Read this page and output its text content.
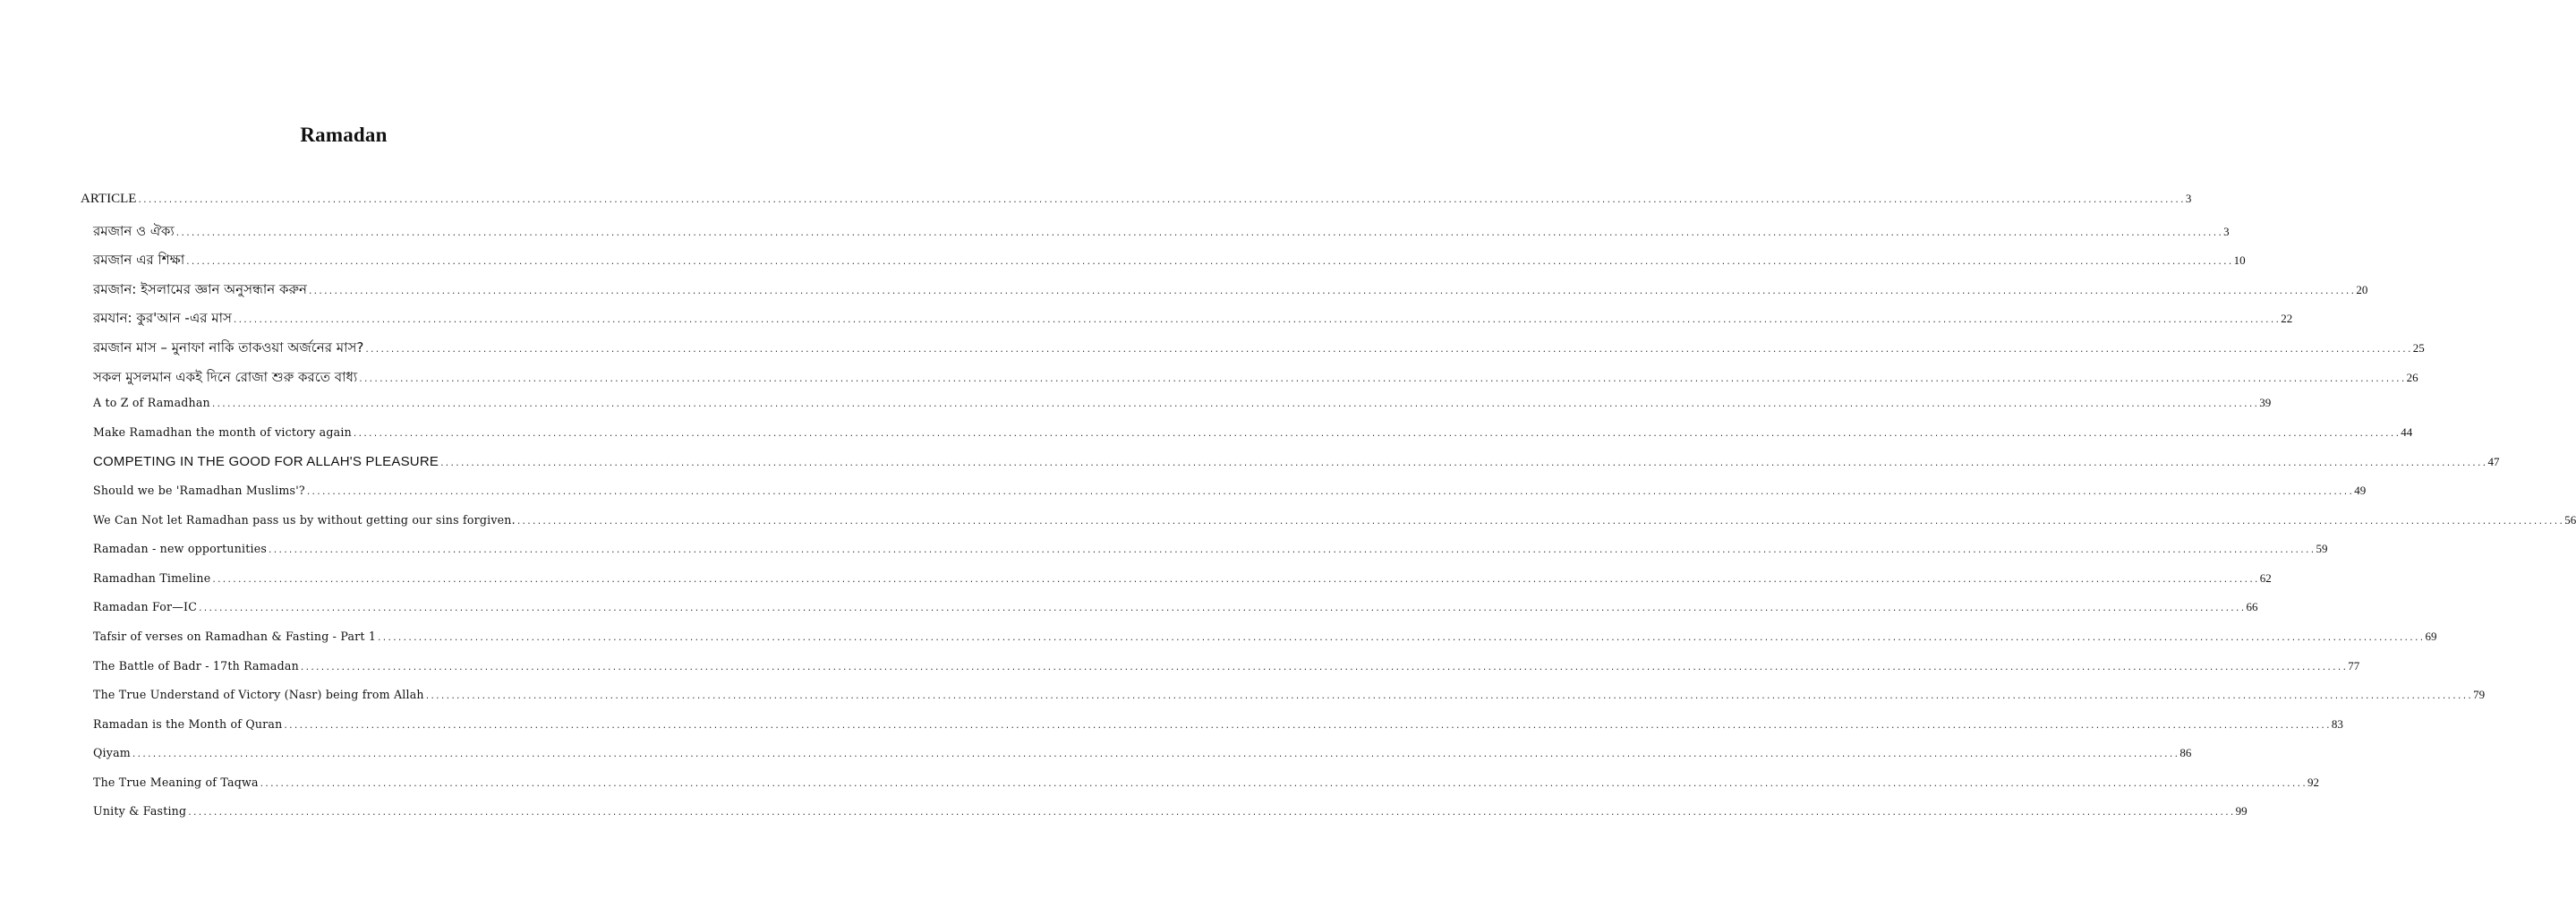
Ramadan
ARTICLE ................................................................................................................................................................................................................................................................................................................................................................................................................ 3
রমজান ও ঐক্য ................................................................................................................................................................................................................................................................................................................................................................................................................ 3
রমজান এর শিক্ষা ................................................................................................................................................................................................................................................................................................................................................................................................................ 10
রমজান: ইসলামের জ্ঞান অনুসন্ধান করুন ................................................................................................................................................................................................................................................................................................................................................................................................................ 20
রমযান: কুর'আন -এর মাস ................................................................................................................................................................................................................................................................................................................................................................................................................ 22
রমজান মাস – মুনাফা নাকি তাকওয়া অর্জনের মাস? ................................................................................................................................................................................................................................................................................................................................................................................................................ 25
সকল মুসলমান একই দিনে রোজা শুরু করতে বাধ্য ................................................................................................................................................................................................................................................................................................................................................................................................................ 26
A to Z of Ramadhan ................................................................................................................................................................................................................................................................................................................................................................................................................ 39
Make Ramadhan the month of victory again ................................................................................................................................................................................................................................................................................................................................................................................................................ 44
COMPETING IN THE GOOD FOR ALLAH'S PLEASURE ................................................................................................................................................................................................................................................................................................................................................................................................................ 47
Should we be 'Ramadhan Muslims'? ................................................................................................................................................................................................................................................................................................................................................................................................................ 49
We Can Not let Ramadhan pass us by without getting our sins forgiven. ................................................................................................................................................................................................................................................................................................................................................................................................................ 56
Ramadan - new opportunities ................................................................................................................................................................................................................................................................................................................................................................................................................ 59
Ramadhan Timeline ................................................................................................................................................................................................................................................................................................................................................................................................................ 62
Ramadan For—IC ................................................................................................................................................................................................................................................................................................................................................................................................................ 66
Tafsir of verses on Ramadhan & Fasting - Part 1 ................................................................................................................................................................................................................................................................................................................................................................................................................ 69
The Battle of Badr - 17th Ramadan ................................................................................................................................................................................................................................................................................................................................................................................................................ 77
The True Understand of Victory (Nasr) being from Allah ................................................................................................................................................................................................................................................................................................................................................................................................................ 79
Ramadan is the Month of Quran ................................................................................................................................................................................................................................................................................................................................................................................................................ 83
Qiyam ................................................................................................................................................................................................................................................................................................................................................................................................................ 86
The True Meaning of Taqwa ................................................................................................................................................................................................................................................................................................................................................................................................................ 92
Unity & Fasting ................................................................................................................................................................................................................................................................................................................................................................................................................ 99
